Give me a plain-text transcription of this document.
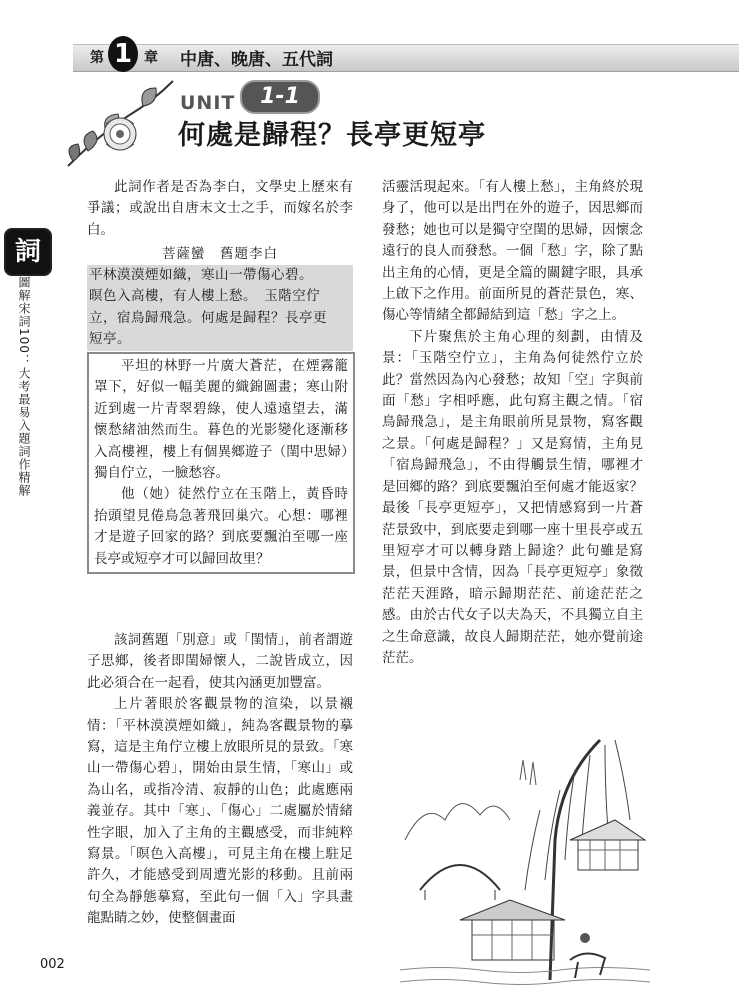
第 1 章 中唐、晚唐、五代詞
UNIT	1-1
何處是歸程？長亭更短亭
詞
圖解宋詞100：大考最易入題詞作精解

此詞作者是否為李白，文學史上歷來有爭議；或說出自唐末文士之手，而嫁名於李白。

菩薩蠻　舊題李白
平林漠漠煙如織，寒山一帶傷心碧。
暝色入高樓，有人樓上愁。　玉階空佇
立，宿鳥歸飛急。何處是歸程？長亭更
短亭。

平坦的林野一片廣大蒼茫，在煙霧籠罩下，好似一幅美麗的織錦圖畫；寒山附近到處一片青翠碧綠，使人遠遠望去，滿懷愁緒油然而生。暮色的光影變化逐漸移入高樓裡，樓上有個異鄉遊子（閨中思婦）獨自佇立，一臉愁容。

他（她）徒然佇立在玉階上，黃昏時抬頭望見倦鳥急著飛回巢穴。心想：哪裡才是遊子回家的路？到底要飄泊至哪一座長亭或短亭才可以歸回故里？

該詞舊題「別意」或「閨情」，前者謂遊子思鄉，後者即閨婦懷人，二說皆成立，因此必須合在一起看，使其內涵更加豐富。

上片著眼於客觀景物的渲染，以景襯情：「平林漠漠煙如織」，純為客觀景物的摹寫，這是主角佇立樓上放眼所見的景致。「寒山一帶傷心碧」，開始由景生情，「寒山」或為山名，或指冷清、寂靜的山色；此處應兩義並存。其中「寒」、「傷心」二處屬於情緒性字眼，加入了主角的主觀感受，而非純粹寫景。「暝色入高樓」，可見主角在樓上駐足許久，才能感受到周遭光影的移動。且前兩句全為靜態摹寫，至此句一個「入」字具畫龍點睛之妙，使整個畫面

活靈活現起來。「有人樓上愁」，主角終於現身了，他可以是出門在外的遊子，因思鄉而發愁；她也可以是獨守空閨的思婦，因懷念遠行的良人而發愁。一個「愁」字，除了點出主角的心情，更是全篇的關鍵字眼，具承上啟下之作用。前面所見的蒼茫景色，寒、傷心等情緒全都歸結到這「愁」字之上。

下片聚焦於主角心理的刻劃，由情及景：「玉階空佇立」，主角為何徒然佇立於此？當然因為內心發愁；故知「空」字與前面「愁」字相呼應，此句寫主觀之情。「宿鳥歸飛急」，是主角眼前所見景物，寫客觀之景。「何處是歸程？」又是寫情，主角見「宿鳥歸飛急」，不由得觸景生情，哪裡才是回鄉的路？到底要飄泊至何處才能返家？最後「長亭更短亭」，又把情感寫到一片蒼茫景致中，到底要走到哪一座十里長亭或五里短亭才可以轉身踏上歸途？此句雖是寫景，但景中含情，因為「長亭更短亭」象徵茫茫天涯路，暗示歸期茫茫、前途茫茫之感。由於古代女子以夫為天，不具獨立自主之生命意識，故良人歸期茫茫，她亦覺前途茫茫。

002
